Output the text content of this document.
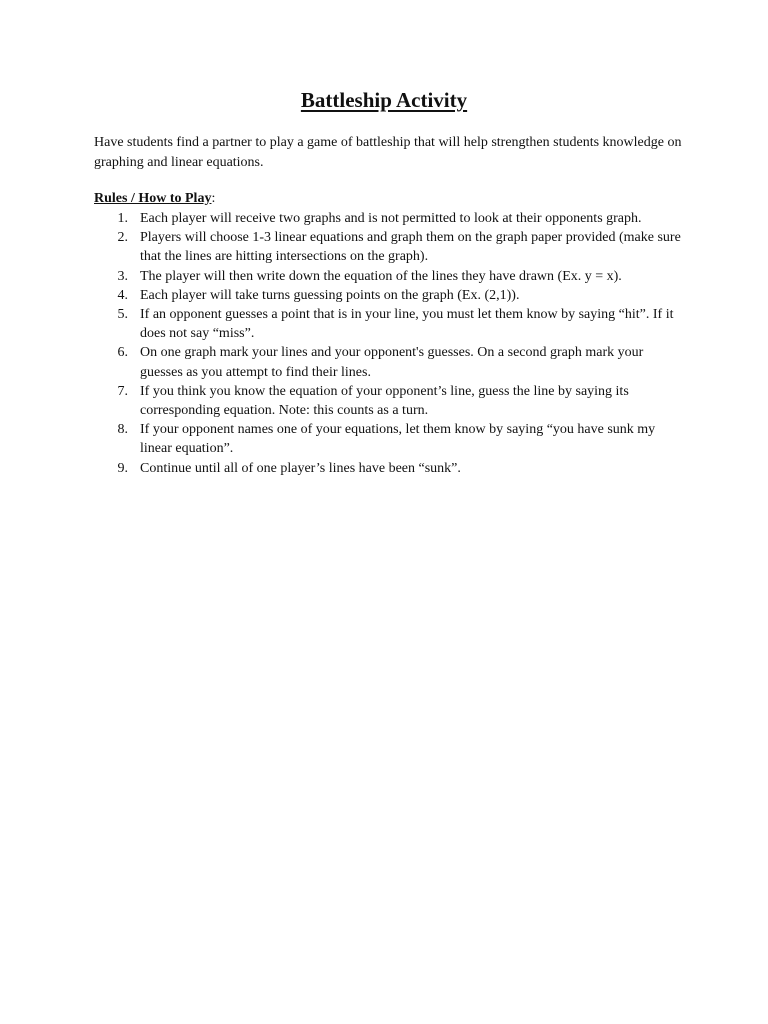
Battleship Activity

Have students find a partner to play a game of battleship that will help strengthen students knowledge on graphing and linear equations.

Rules / How to Play:

1. Each player will receive two graphs and is not permitted to look at their opponents graph.
2. Players will choose 1-3 linear equations and graph them on the graph paper provided (make sure that the lines are hitting intersections on the graph).
3. The player will then write down the equation of the lines they have drawn (Ex. y = x).
4. Each player will take turns guessing points on the graph (Ex. (2,1)).
5. If an opponent guesses a point that is in your line, you must let them know by saying “hit”. If it does not say “miss”.
6. On one graph mark your lines and your opponent's guesses. On a second graph mark your guesses as you attempt to find their lines.
7. If you think you know the equation of your opponent’s line, guess the line by saying its corresponding equation. Note: this counts as a turn.
8. If your opponent names one of your equations, let them know by saying “you have sunk my linear equation”.
9. Continue until all of one player’s lines have been “sunk”.
